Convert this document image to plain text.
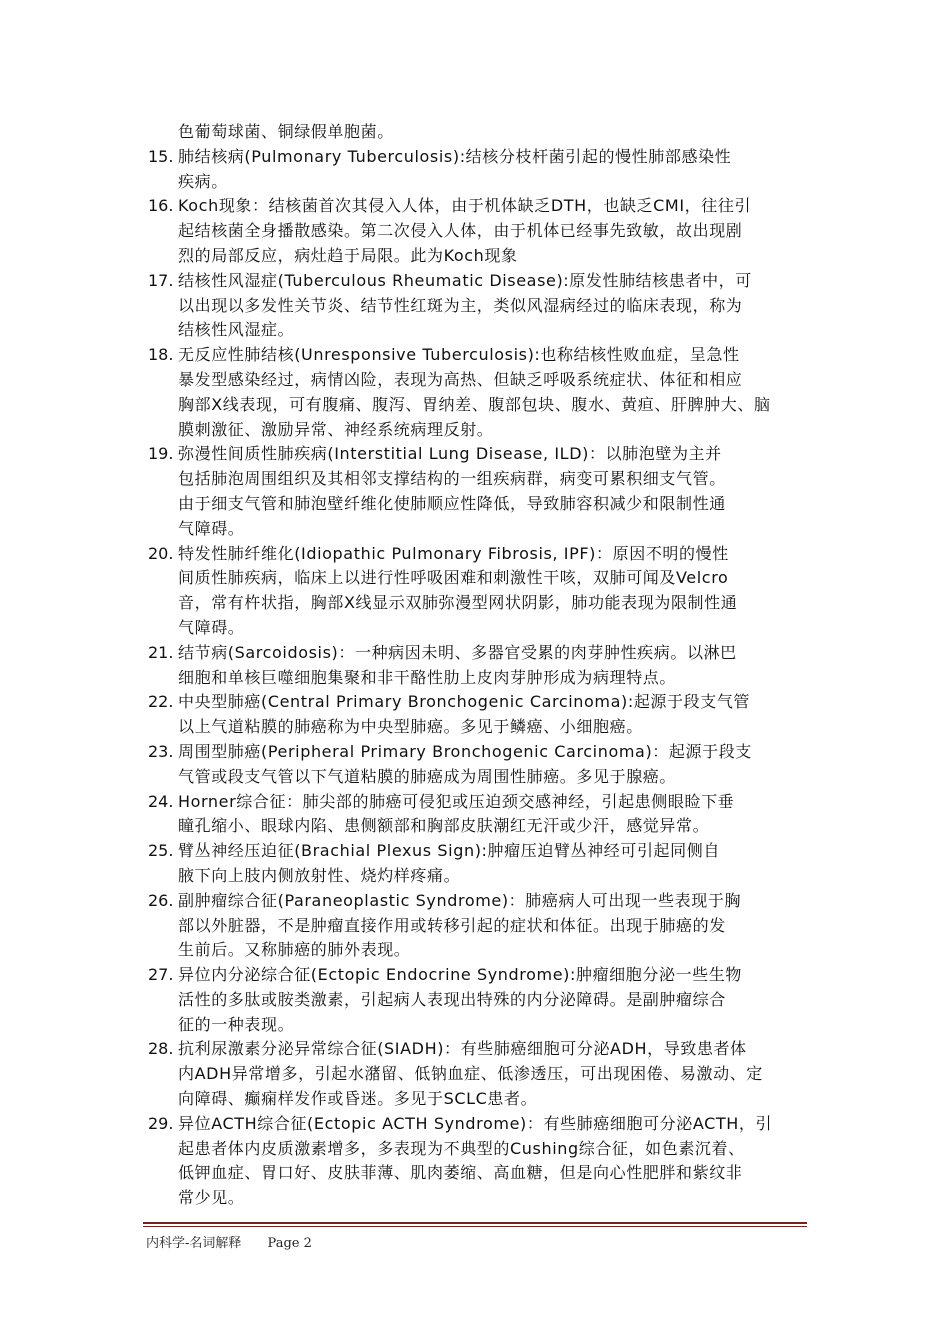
色葡萄球菌、铜绿假单胞菌。
15. 肺结核病(Pulmonary Tuberculosis):结核分枝杆菌引起的慢性肺部感染性
疾病。
16. Koch现象：结核菌首次其侵入人体，由于机体缺乏DTH，也缺乏CMI，往往引
起结核菌全身播散感染。第二次侵入人体，由于机体已经事先致敏，故出现剧
烈的局部反应，病灶趋于局限。此为Koch现象
17. 结核性风湿症(Tuberculous Rheumatic Disease):原发性肺结核患者中，可
以出现以多发性关节炎、结节性红斑为主，类似风湿病经过的临床表现，称为
结核性风湿症。
18. 无反应性肺结核(Unresponsive Tuberculosis):也称结核性败血症，呈急性
暴发型感染经过，病情凶险，表现为高热、但缺乏呼吸系统症状、体征和相应
胸部X线表现，可有腹痛、腹泻、胃纳差、腹部包块、腹水、黄疸、肝脾肿大、脑
膜刺激征、激励异常、神经系统病理反射。
19. 弥漫性间质性肺疾病(Interstitial Lung Disease, ILD)：以肺泡壁为主并
包括肺泡周围组织及其相邻支撑结构的一组疾病群，病变可累积细支气管。
由于细支气管和肺泡壁纤维化使肺顺应性降低，导致肺容积减少和限制性通
气障碍。
20. 特发性肺纤维化(Idiopathic Pulmonary Fibrosis, IPF)：原因不明的慢性
间质性肺疾病，临床上以进行性呼吸困难和刺激性干咳，双肺可闻及Velcro
音，常有杵状指，胸部X线显示双肺弥漫型网状阴影，肺功能表现为限制性通
气障碍。
21. 结节病(Sarcoidosis)：一种病因未明、多器官受累的肉芽肿性疾病。以淋巴
细胞和单核巨噬细胞集聚和非干酪性肋上皮肉芽肿形成为病理特点。
22. 中央型肺癌(Central Primary Bronchogenic Carcinoma):起源于段支气管
以上气道粘膜的肺癌称为中央型肺癌。多见于鳞癌、小细胞癌。
23. 周围型肺癌(Peripheral Primary Bronchogenic Carcinoma)：起源于段支
气管或段支气管以下气道粘膜的肺癌成为周围性肺癌。多见于腺癌。
24. Horner综合征：肺尖部的肺癌可侵犯或压迫颈交感神经，引起患侧眼睑下垂
瞳孔缩小、眼球内陷、患侧额部和胸部皮肤潮红无汗或少汗，感觉异常。
25. 臂丛神经压迫征(Brachial Plexus Sign):肿瘤压迫臂丛神经可引起同侧自
腋下向上肢内侧放射性、烧灼样疼痛。
26. 副肿瘤综合征(Paraneoplastic Syndrome)：肺癌病人可出现一些表现于胸
部以外脏器，不是肿瘤直接作用或转移引起的症状和体征。出现于肺癌的发
生前后。又称肺癌的肺外表现。
27. 异位内分泌综合征(Ectopic Endocrine Syndrome):肿瘤细胞分泌一些生物
活性的多肽或胺类激素，引起病人表现出特殊的内分泌障碍。是副肿瘤综合
征的一种表现。
28. 抗利尿激素分泌异常综合征(SIADH)：有些肺癌细胞可分泌ADH，导致患者体
内ADH异常增多，引起水潴留、低钠血症、低渗透压，可出现困倦、易激动、定
向障碍、癫痫样发作或昏迷。多见于SCLC患者。
29. 异位ACTH综合征(Ectopic ACTH Syndrome)：有些肺癌细胞可分泌ACTH，引
起患者体内皮质激素增多，多表现为不典型的Cushing综合征，如色素沉着、
低钾血症、胃口好、皮肤菲薄、肌肉萎缩、高血糖，但是向心性肥胖和紫纹非
常少见。
内科学-名词解释 Page 2
